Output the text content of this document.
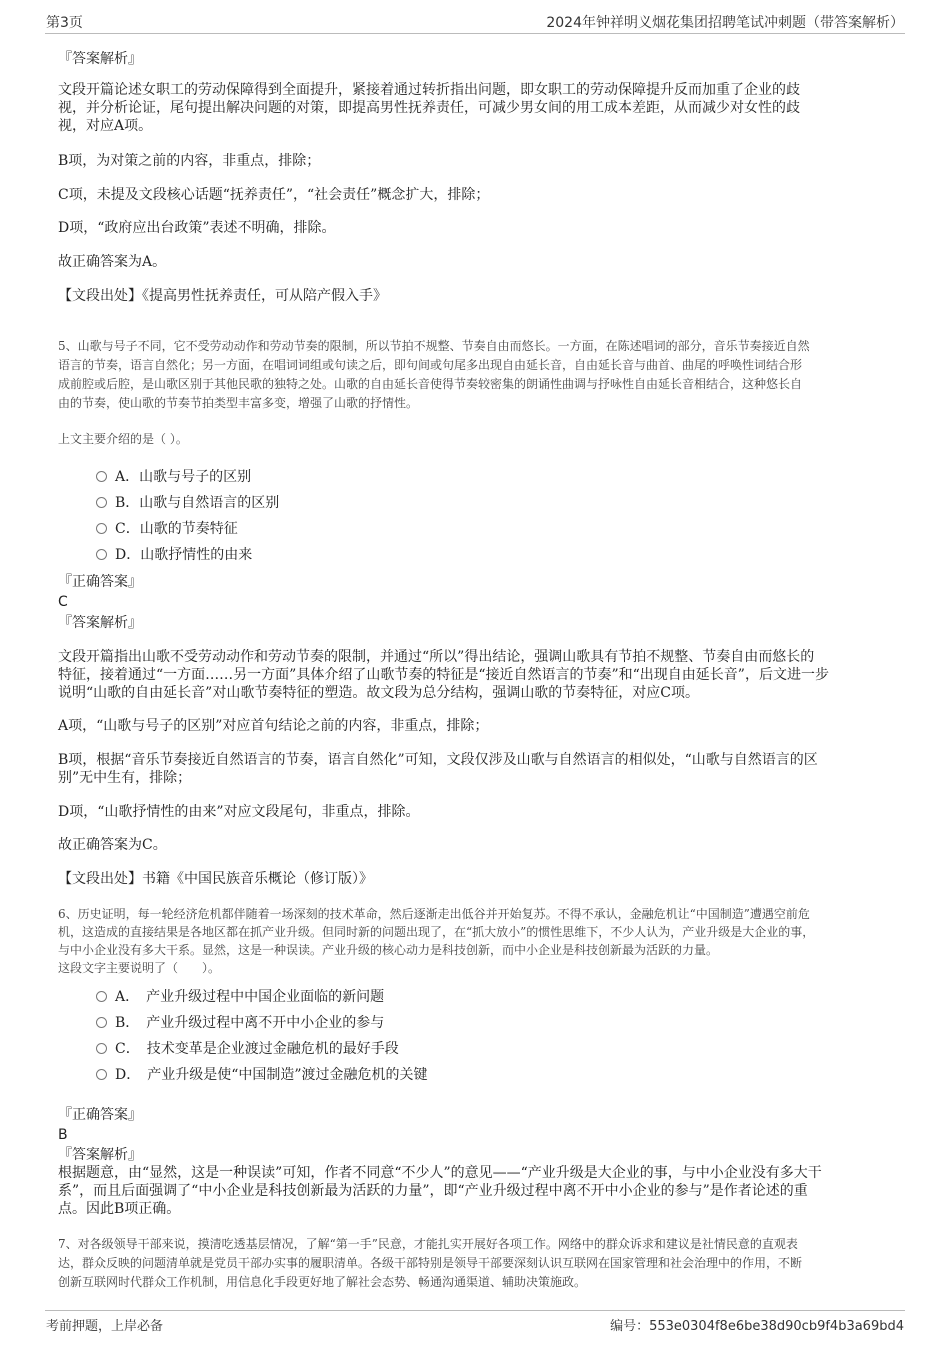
第3页	2024年钟祥明义烟花集团招聘笔试冲刺题（带答案解析）
『答案解析』
文段开篇论述女职工的劳动保障得到全面提升，紧接着通过转折指出问题，即女职工的劳动保障提升反而加重了企业的歧
视，并分析论证，尾句提出解决问题的对策，即提高男性抚养责任，可减少男女间的用工成本差距，从而减少对女性的歧
视，对应A项。
B项，为对策之前的内容，非重点，排除；
C项，未提及文段核心话题“抚养责任”，“社会责任”概念扩大，排除；
D项，“政府应出台政策”表述不明确，排除。
故正确答案为A。
【文段出处】《提高男性抚养责任，可从陪产假入手》
5、山歌与号子不同，它不受劳动动作和劳动节奏的限制，所以节拍不规整、节奏自由而悠长。一方面，在陈述唱词的部分，音乐节奏接近自然
语言的节奏，语言自然化；另一方面，在唱词词组或句读之后，即句间或句尾多出现自由延长音，自由延长音与曲首、曲尾的呼唤性词结合形
成前腔或后腔，是山歌区别于其他民歌的独特之处。山歌的自由延长音使得节奏较密集的朗诵性曲调与抒咏性自由延长音相结合，这种悠长自
由的节奏，使山歌的节奏节拍类型丰富多变，增强了山歌的抒情性。
上文主要介绍的是（ ）。
A．山歌与号子的区别
B．山歌与自然语言的区别
C．山歌的节奏特征
D．山歌抒情性的由来
『正确答案』
C
『答案解析』
文段开篇指出山歌不受劳动动作和劳动节奏的限制，并通过“所以”得出结论，强调山歌具有节拍不规整、节奏自由而悠长的
特征，接着通过“一方面……另一方面”具体介绍了山歌节奏的特征是“接近自然语言的节奏”和“出现自由延长音”，后文进一步
说明“山歌的自由延长音”对山歌节奏特征的塑造。故文段为总分结构，强调山歌的节奏特征，对应C项。
A项，“山歌与号子的区别”对应首句结论之前的内容，非重点，排除；
B项，根据“音乐节奏接近自然语言的节奏，语言自然化”可知，文段仅涉及山歌与自然语言的相似处，“山歌与自然语言的区
别”无中生有，排除；
D项，“山歌抒情性的由来”对应文段尾句，非重点，排除。
故正确答案为C。
【文段出处】书籍《中国民族音乐概论（修订版）》
6、历史证明，每一轮经济危机都伴随着一场深刻的技术革命，然后逐渐走出低谷并开始复苏。不得不承认，金融危机让“中国制造”遭遇空前危
机，这造成的直接结果是各地区都在抓产业升级。但同时新的问题出现了，在“抓大放小”的惯性思维下，不少人认为，产业升级是大企业的事，
与中小企业没有多大干系。显然，这是一种误读。产业升级的核心动力是科技创新，而中小企业是科技创新最为活跃的力量。
这段文字主要说明了（　　）。
A．　产业升级过程中中国企业面临的新问题
B．　产业升级过程中离不开中小企业的参与
C．　技术变革是企业渡过金融危机的最好手段
D．　产业升级是使“中国制造”渡过金融危机的关键
『正确答案』
B
『答案解析』
根据题意，由“显然，这是一种误读”可知，作者不同意“不少人”的意见——“产业升级是大企业的事，与中小企业没有多大干
系”，而且后面强调了“中小企业是科技创新最为活跃的力量”，即“产业升级过程中离不开中小企业的参与”是作者论述的重
点。因此B项正确。
7、对各级领导干部来说，摸清吃透基层情况，了解“第一手”民意，才能扎实开展好各项工作。网络中的群众诉求和建议是社情民意的直观表
达，群众反映的问题清单就是党员干部办实事的履职清单。各级干部特别是领导干部要深刻认识互联网在国家管理和社会治理中的作用，不断
创新互联网时代群众工作机制，用信息化手段更好地了解社会态势、畅通沟通渠道、辅助决策施政。
考前押题，上岸必备	编号：553e0304f8e6be38d90cb9f4b3a69bd4
